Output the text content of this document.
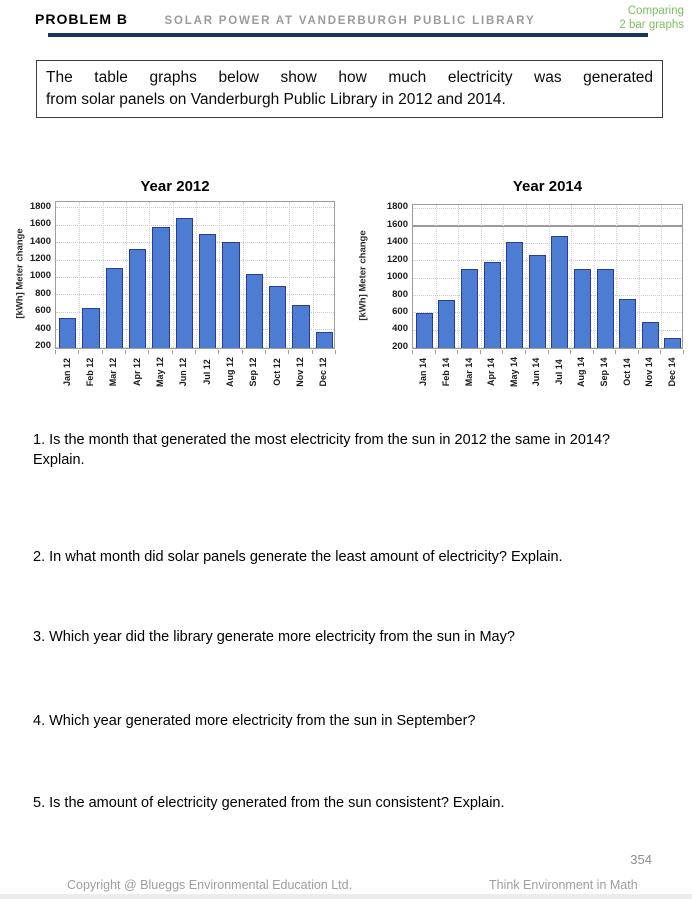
PROBLEM B	SOLAR POWER AT VANDERBURGH PUBLIC LIBRARY
Comparing
2 bar graphs
The table graphs below show how much electricity was generated
from solar panels on Vanderburgh Public Library in 2012 and 2014.
Year 2012
[kWh] Meter change
200
400
600
800
1000
1200
1400
1600
1800
Jan 12 Feb 12 Mar 12 Apr 12 May 12 Jun 12 Jul 12 Aug 12 Sep 12 Oct 12 Nov 12 Dec 12
Year 2014
[kWh] Meter change
200
400
600
800
1000
1200
1400
1600
1800
Jan 14 Feb 14 Mar 14 Apr 14 May 14 Jun 14 Jul 14 Aug 14 Sep 14 Oct 14 Nov 14 Dec 14
1. Is the month that generated the most electricity from the sun in 2012 the same in 2014? Explain.
2. In what month did solar panels generate the least amount of electricity? Explain.
3. Which year did the library generate more electricity from the sun in May?
4. Which year generated more electricity from the sun in September?
5. Is the amount of electricity generated from the sun consistent? Explain.
354
Copyright @ Blueggs Environmental Education Ltd.	Think Environment in Math
